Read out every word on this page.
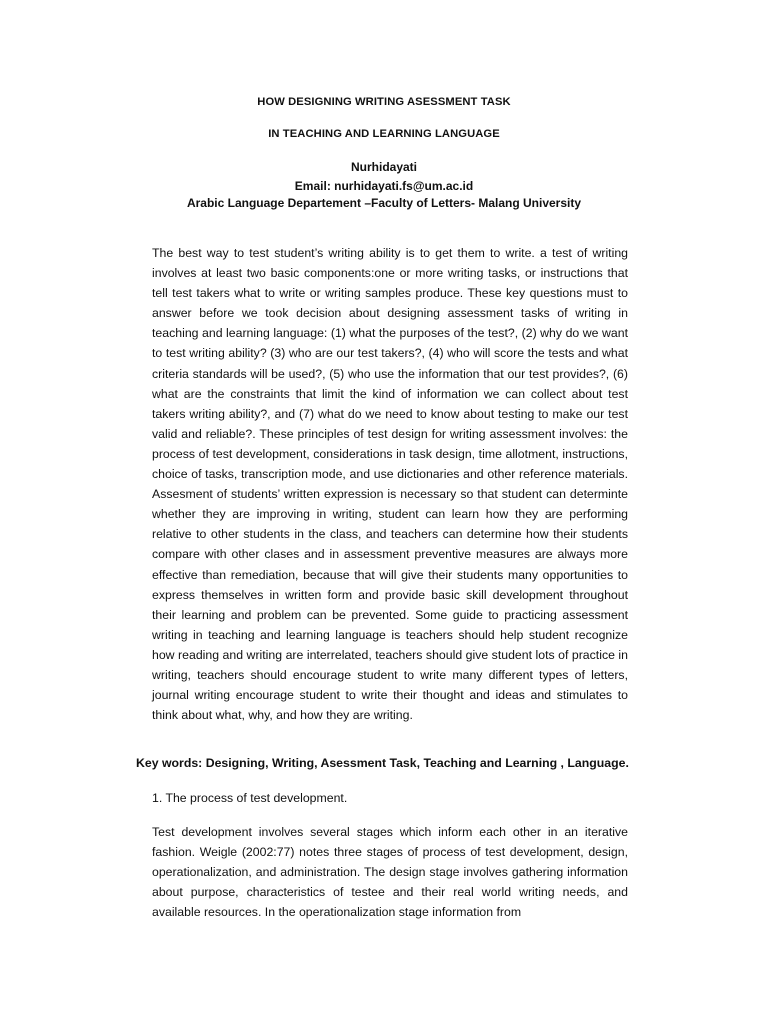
HOW DESIGNING WRITING ASESSMENT TASK
IN TEACHING AND LEARNING LANGUAGE
Nurhidayati
Email: nurhidayati.fs@um.ac.id
Arabic Language Departement –Faculty of Letters- Malang University

The best way to test student’s writing ability is to get them to write. a test of writing involves at least two basic components:one or more writing tasks, or instructions that tell test takers what to write or writing samples produce. These key questions must to answer before we took decision about designing assessment tasks of writing in teaching and learning language: (1) what the purposes of the test?, (2) why do we want to test writing ability? (3) who are our test takers?, (4) who will score the tests and what criteria standards will be used?, (5) who use the information that our test provides?, (6) what are the constraints that limit the kind of information we can collect about test takers writing ability?, and (7) what do we need to know about testing to make our test valid and reliable?. These principles of test design for writing assessment involves: the process of test development, considerations in task design, time allotment, instructions, choice of tasks, transcription mode, and use dictionaries and other reference materials. Assesment of students’ written expression is necessary so that student can determinte whether they are improving in writing, student can learn how they are performing relative to other students in the class, and teachers can determine how their students compare with other clases and in assessment preventive measures are always more effective than remediation, because that will give their students many opportunities to express themselves in written form and provide basic skill development throughout their learning and problem can be prevented. Some guide to practicing assessment writing in teaching and learning language is teachers should help student recognize how reading and writing are interrelated, teachers should give student lots of practice in writing, teachers should encourage student to write many different types of letters, journal writing encourage student to write their thought and ideas and stimulates to think about what, why, and how they are writing.

Key words: Designing, Writing, Asessment Task, Teaching and Learning , Language.
1. The process of test development.

Test development involves several stages which inform each other in an iterative fashion. Weigle (2002:77) notes three stages of process of test development, design, operationalization, and administration. The design stage involves gathering information about purpose, characteristics of testee and their real world writing needs, and available resources. In the operationalization stage information from
